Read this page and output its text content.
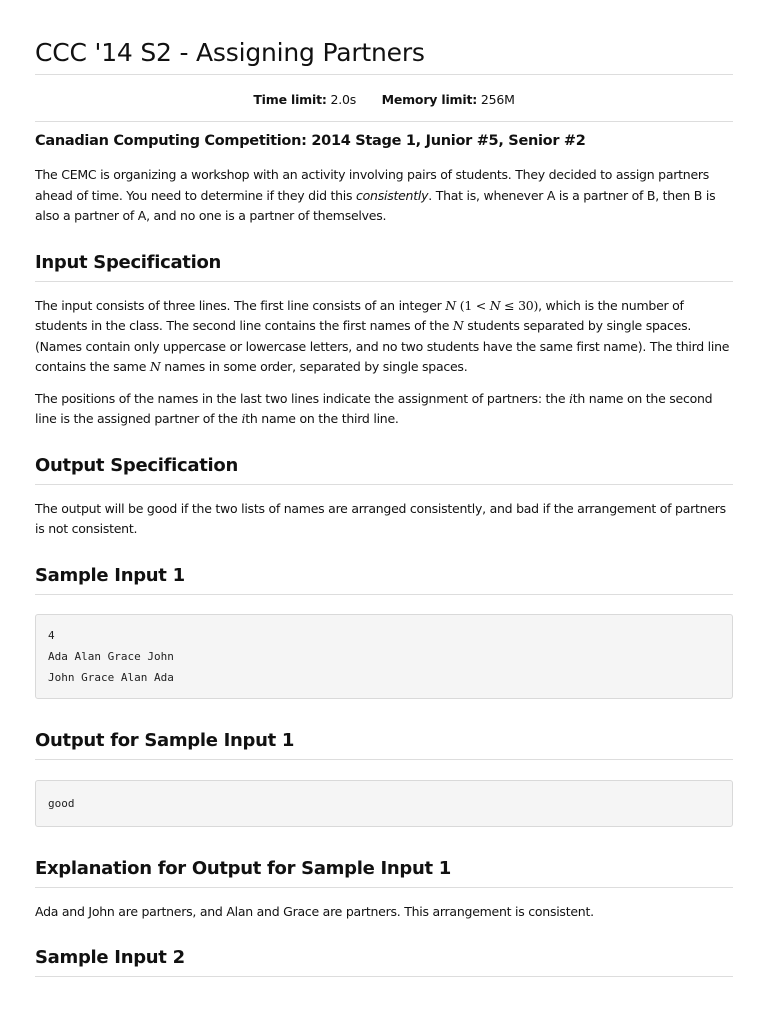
CCC '14 S2 - Assigning Partners
Time limit: 2.0s Memory limit: 256M
Canadian Computing Competition: 2014 Stage 1, Junior #5, Senior #2

The CEMC is organizing a workshop with an activity involving pairs of students. They decided to assign partners ahead of time. You need to determine if they did this consistently. That is, whenever A is a partner of B, then B is also a partner of A, and no one is a partner of themselves.

Input Specification

The input consists of three lines. The first line consists of an integer N (1 < N ≤ 30), which is the number of students in the class. The second line contains the first names of the N students separated by single spaces. (Names contain only uppercase or lowercase letters, and no two students have the same first name). The third line contains the same N names in some order, separated by single spaces.

The positions of the names in the last two lines indicate the assignment of partners: the ith name on the second line is the assigned partner of the ith name on the third line.

Output Specification

The output will be good if the two lists of names are arranged consistently, and bad if the arrangement of partners is not consistent.

Sample Input 1
4
Ada Alan Grace John
John Grace Alan Ada
Output for Sample Input 1
good
Explanation for Output for Sample Input 1

Ada and John are partners, and Alan and Grace are partners. This arrangement is consistent.

Sample Input 2
